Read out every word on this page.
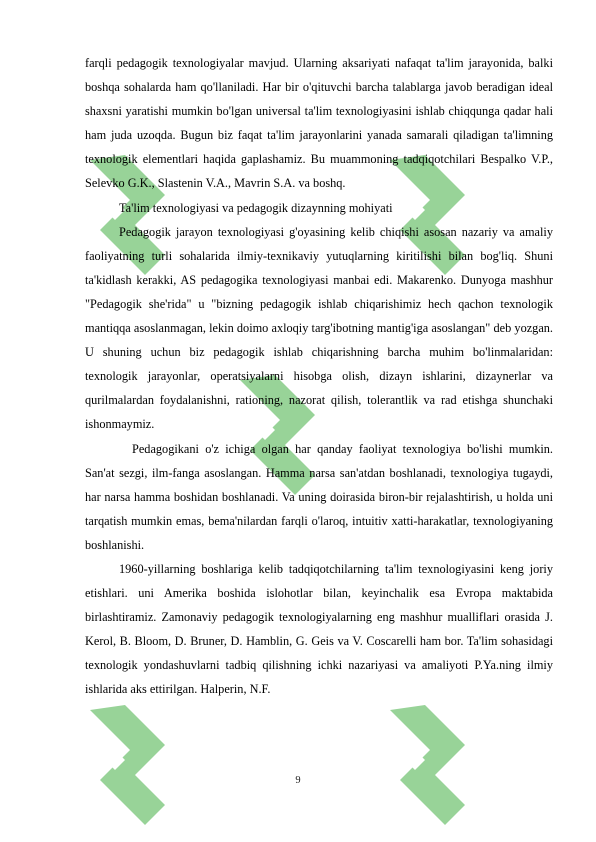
farqli pedagogik texnologiyalar mavjud. Ularning aksariyati nafaqat ta'lim jarayonida, balki boshqa sohalarda ham qo'llaniladi. Har bir o'qituvchi barcha talablarga javob beradigan ideal shaxsni yaratishi mumkin bo'lgan universal ta'lim texnologiyasini ishlab chiqqunga qadar hali ham juda uzoqda. Bugun biz faqat ta'lim jarayonlarini yanada samarali qiladigan ta'limning texnologik elementlari haqida gaplashamiz. Bu muammoning tadqiqotchilari Bespalko V.P., Selevko G.K., Slastenin V.A., Mavrin S.A. va boshq.

Ta'lim texnologiyasi va pedagogik dizaynning mohiyati

Pedagogik jarayon texnologiyasi g'oyasining kelib chiqishi asosan nazariy va amaliy faoliyatning turli sohalarida ilmiy-texnikaviy yutuqlarning kiritilishi bilan bog'liq. Shuni ta'kidlash kerakki, AS pedagogika texnologiyasi manbai edi. Makarenko. Dunyoga mashhur "Pedagogik she'rida" u "bizning pedagogik ishlab chiqarishimiz hech qachon texnologik mantiqqa asoslanmagan, lekin doimo axloqiy targ'ibotning mantig'iga asoslangan" deb yozgan. U shuning uchun biz pedagogik ishlab chiqarishning barcha muhim bo'linmalaridan: texnologik jarayonlar, operatsiyalarni hisobga olish, dizayn ishlarini, dizaynerlar va qurilmalardan foydalanishni, rationing, nazorat qilish, tolerantlik va rad etishga shunchaki ishonmaymiz.

Pedagogikani o'z ichiga olgan har qanday faoliyat texnologiya bo'lishi mumkin. San'at sezgi, ilm-fanga asoslangan. Hamma narsa san'atdan boshlanadi, texnologiya tugaydi, har narsa hamma boshidan boshlanadi. Va uning doirasida biron-bir rejalashtirish, u holda uni tarqatish mumkin emas, bema'nilardan farqli o'laroq, intuitiv xatti-harakatlar, texnologiyaning boshlanishi.

1960-yillarning boshlariga kelib tadqiqotchilarning ta'lim texnologiyasini keng joriy etishlari. uni Amerika boshida islohotlar bilan, keyinchalik esa Evropa maktabida birlashtiramiz. Zamonaviy pedagogik texnologiyalarning eng mashhur mualliflari orasida J. Kerol, B. Bloom, D. Bruner, D. Hamblin, G. Geis va V. Coscarelli ham bor. Ta'lim sohasidagi texnologik yondashuvlarni tadbiq qilishning ichki nazariyasi va amaliyoti P.Ya.ning ilmiy ishlarida aks ettirilgan. Halperin, N.F.

9
